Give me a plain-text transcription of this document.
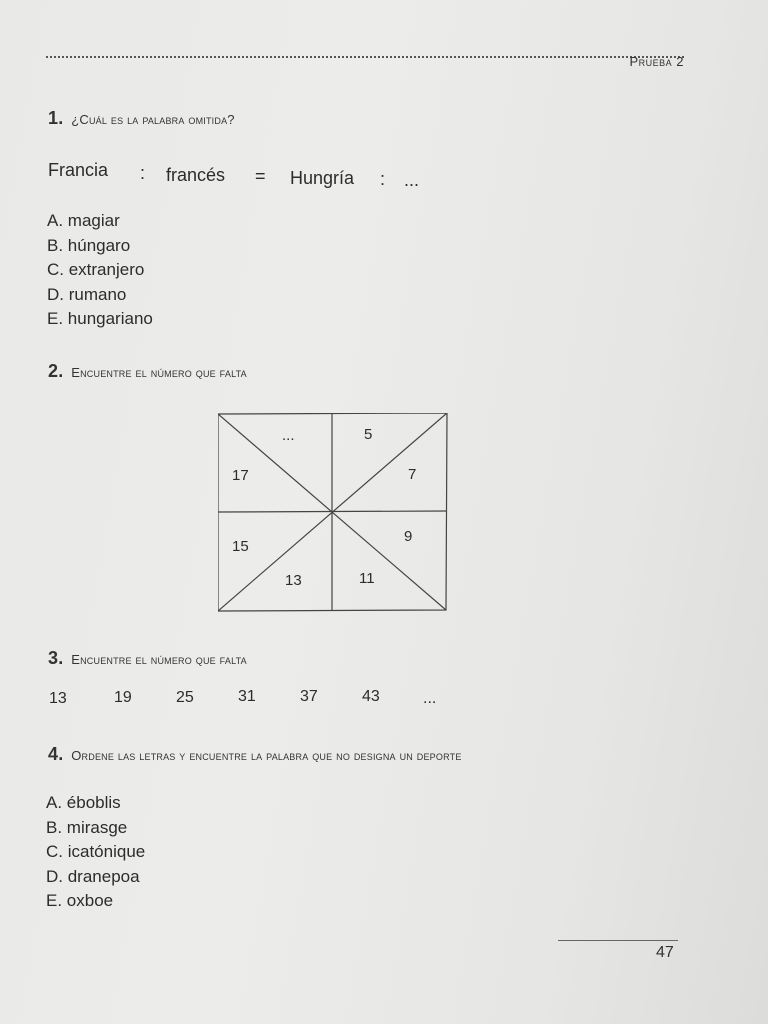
Prueba 2
1. ¿Cuál es la palabra omitida?
Francia : francés = Hungría : ...
A. magiar
B. húngaro
C. extranjero
D. rumano
E. hungariano
2. Encuentre el número que falta
...	5
17	7
15
9
13	11
3. Encuentre el número que falta
13	19	25	31	37	43	...
4. Ordene las letras y encuentre la palabra que no designa un deporte
A. éboblis
B. mirasge
C. icatónique
D. dranepoa
E. oxboe
47
